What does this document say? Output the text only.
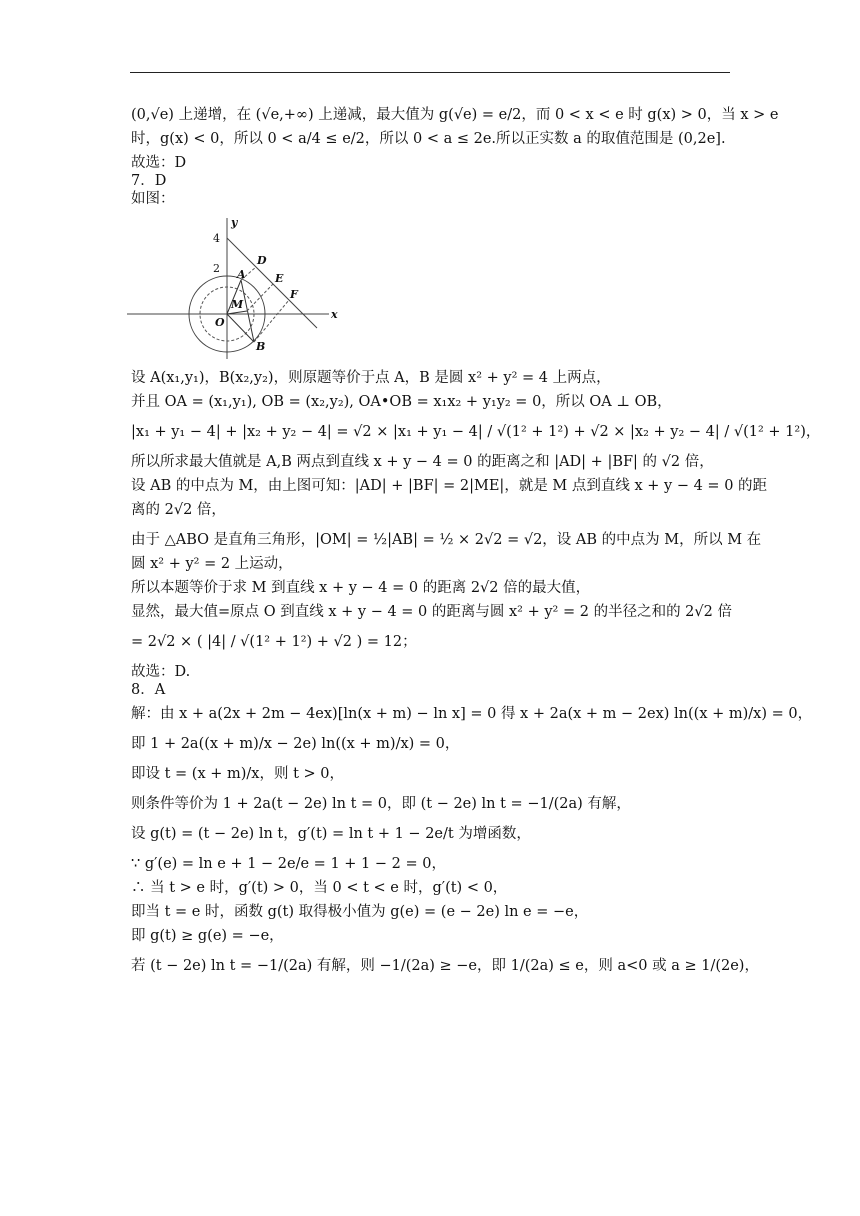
(0,√e) 上递增，在 (√e,+∞) 上递减，最大值为 g(√e) = e/2，而 0 < x < e 时 g(x) > 0，当 x > e

时，g(x) < 0，所以 0 < a/4 ≤ e/2，所以 0 < a ≤ 2e.所以正实数 a 的取值范围是 (0,2e].

故选：D

7．D

如图：

y
x
4
2
O
A
M
B
D
E
F

设 A(x₁,y₁)，B(x₂,y₂)，则原题等价于点 A，B 是圆 x² + y² = 4 上两点，

并且 OA = (x₁,y₁), OB = (x₂,y₂), OA•OB = x₁x₂ + y₁y₂ = 0，所以 OA ⊥ OB，

|x₁ + y₁ − 4| + |x₂ + y₂ − 4| = √2 × |x₁ + y₁ − 4| / √(1² + 1²) + √2 × |x₂ + y₂ − 4| / √(1² + 1²)，

所以所求最大值就是 A,B 两点到直线 x + y − 4 = 0 的距离之和 |AD| + |BF| 的 √2 倍，

设 AB 的中点为 M，由上图可知：|AD| + |BF| = 2|ME|，就是 M 点到直线 x + y − 4 = 0 的距

离的 2√2 倍，

由于 △ABO 是直角三角形，|OM| = ½|AB| = ½ × 2√2 = √2，设 AB 的中点为 M，所以 M 在

圆 x² + y² = 2 上运动，

所以本题等价于求 M 到直线 x + y − 4 = 0 的距离 2√2 倍的最大值，

显然，最大值=原点 O 到直线 x + y − 4 = 0 的距离与圆 x² + y² = 2 的半径之和的 2√2 倍

= 2√2 × ( |4| / √(1² + 1²) + √2 ) = 12；

故选：D.

8．A

解：由 x + a(2x + 2m − 4ex)[ln(x + m) − ln x] = 0 得 x + 2a(x + m − 2ex) ln((x + m)/x) = 0，

即 1 + 2a((x + m)/x − 2e) ln((x + m)/x) = 0，

即设 t = (x + m)/x，则 t > 0，

则条件等价为 1 + 2a(t − 2e) ln t = 0，即 (t − 2e) ln t = −1/(2a) 有解，

设 g(t) = (t − 2e) ln t，g′(t) = ln t + 1 − 2e/t 为增函数，

∵ g′(e) = ln e + 1 − 2e/e = 1 + 1 − 2 = 0，

∴ 当 t > e 时，g′(t) > 0，当 0 < t < e 时，g′(t) < 0，

即当 t = e 时，函数 g(t) 取得极小值为 g(e) = (e − 2e) ln e = −e，

即 g(t) ≥ g(e) = −e，

若 (t − 2e) ln t = −1/(2a) 有解，则 −1/(2a) ≥ −e，即 1/(2a) ≤ e，则 a<0 或 a ≥ 1/(2e)，
